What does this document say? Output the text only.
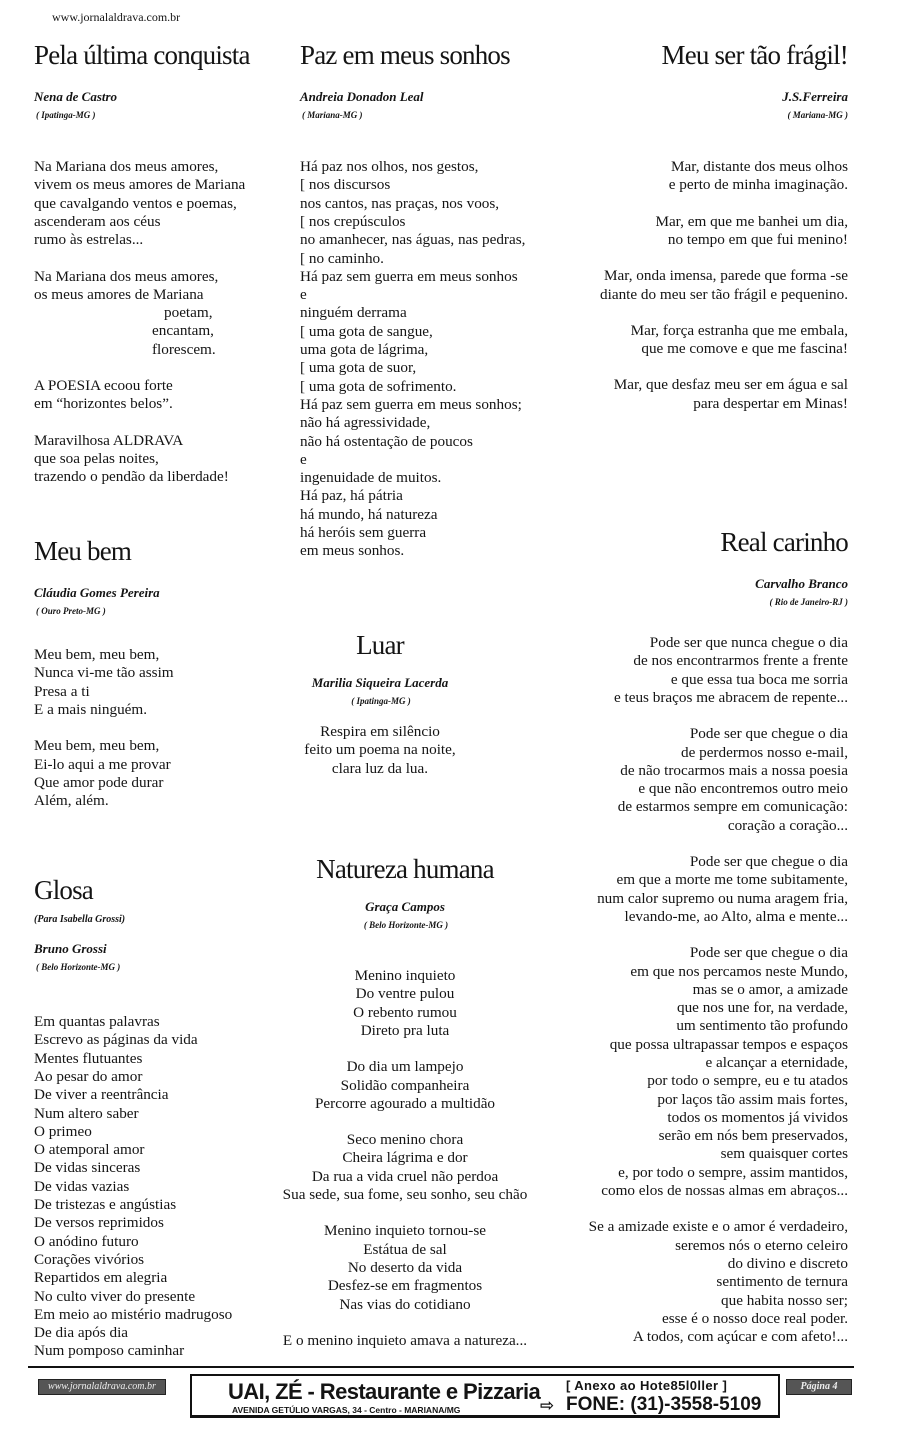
www.jornalaldrava.com.br
Pela última conquista
Nena de Castro
( Ipatinga-MG )
Na Mariana dos meus amores,
vivem os meus amores de Mariana
que cavalgando ventos e poemas,
ascenderam aos céus
rumo às estrelas...
Na Mariana dos meus amores,
os meus amores de Mariana
poetam,
encantam,
florescem.
A POESIA ecoou forte
em “horizontes belos”.
Maravilhosa ALDRAVA
que soa pelas noites,
trazendo o pendão da liberdade!
Paz em meus sonhos
Andreia Donadon Leal
( Mariana-MG )
Há paz nos olhos, nos gestos,
[ nos discursos
nos cantos, nas praças, nos voos,
[ nos crepúsculos
no amanhecer, nas águas, nas pedras,
[ no caminho.
Há paz sem guerra em meus sonhos
e
ninguém derrama
[ uma gota de sangue,
uma gota de lágrima,
[ uma gota de suor,
[ uma gota de sofrimento.
Há paz sem guerra em meus sonhos;
não há agressividade,
não há ostentação de poucos
e
ingenuidade de muitos.
Há paz, há pátria
há mundo, há natureza
há heróis sem guerra
em meus sonhos.
Meu ser tão frágil!
J.S.Ferreira
( Mariana-MG )
Mar, distante dos meus olhos
e perto de minha imaginação.
Mar, em que me banhei um dia,
no tempo em que fui menino!
Mar, onda imensa, parede que forma -se
diante do meu ser tão frágil e pequenino.
Mar, força estranha que me embala,
que me comove e que me fascina!
Mar, que desfaz meu ser em água e sal
para despertar em Minas!
Meu bem
Cláudia Gomes Pereira
( Ouro Preto-MG )
Meu bem, meu bem,
Nunca vi-me tão assim
Presa a ti
E a mais ninguém.
Meu bem, meu bem,
Ei-lo aqui a me provar
Que amor pode durar
Além, além.
Luar
Marilia Siqueira Lacerda
( Ipatinga-MG )
Respira em silêncio
feito um poema na noite,
clara luz da lua.
Real carinho
Carvalho Branco
( Rio de Janeiro-RJ )
Pode ser que nunca chegue o dia
de nos encontrarmos frente a frente
e que essa tua boca me sorria
e teus braços me abracem de repente...
Pode ser que chegue o dia
de perdermos nosso e-mail,
de não trocarmos mais a nossa poesia
e que não encontremos outro meio
de estarmos sempre em comunicação:
coração a coração...
Pode ser que chegue o dia
em que a morte me tome subitamente,
num calor supremo ou numa aragem fria,
levando-me, ao Alto, alma e mente...
Pode ser que chegue o dia
em que nos percamos neste Mundo,
mas se o amor, a amizade
que nos une for, na verdade,
um sentimento tão profundo
que possa ultrapassar tempos e espaços
e alcançar a eternidade,
por todo o sempre, eu e tu atados
por laços tão assim mais fortes,
todos os momentos já vividos
serão em nós bem preservados,
sem quaisquer cortes
e, por todo o sempre, assim mantidos,
como elos de nossas almas em abraços...
Se a amizade existe e o amor é verdadeiro,
seremos nós o eterno celeiro
do divino e discreto
sentimento de ternura
que habita nosso ser;
esse é o nosso doce real poder.
A todos, com açúcar e com afeto!...
Glosa
(Para Isabella Grossi)
Bruno Grossi
( Belo Horizonte-MG )
Em quantas palavras
Escrevo as páginas da vida
Mentes flutuantes
Ao pesar do amor
De viver a reentrância
Num altero saber
O primeo
O atemporal amor
De vidas sinceras
De vidas vazias
De tristezas e angústias
De versos reprimidos
O anódino futuro
Corações vivórios
Repartidos em alegria
No culto viver do presente
Em meio ao mistério madrugoso
De dia após dia
Num pomposo caminhar
Natureza humana
Graça Campos
( Belo Horizonte-MG )
Menino inquieto
Do ventre pulou
O rebento rumou
Direto pra luta
Do dia um lampejo
Solidão companheira
Percorre agourado a multidão
Seco menino chora
Cheira lágrima e dor
Da rua a vida cruel não perdoa
Sua sede, sua fome, seu sonho, seu chão
Menino inquieto tornou-se
Estátua de sal
No deserto da vida
Desfez-se em fragmentos
Nas vias do cotidiano
E o menino inquieto amava a natureza...
www.jornalaldrava.com.br	UAI, ZÉ - Restaurante e Pizzaria
AVENIDA GETÚLIO VARGAS, 34 - Centro - MARIANA/MG
[ Anexo ao Hote85l0ller ]
⇨ FONE: (31)-3558-5109
Página 4
